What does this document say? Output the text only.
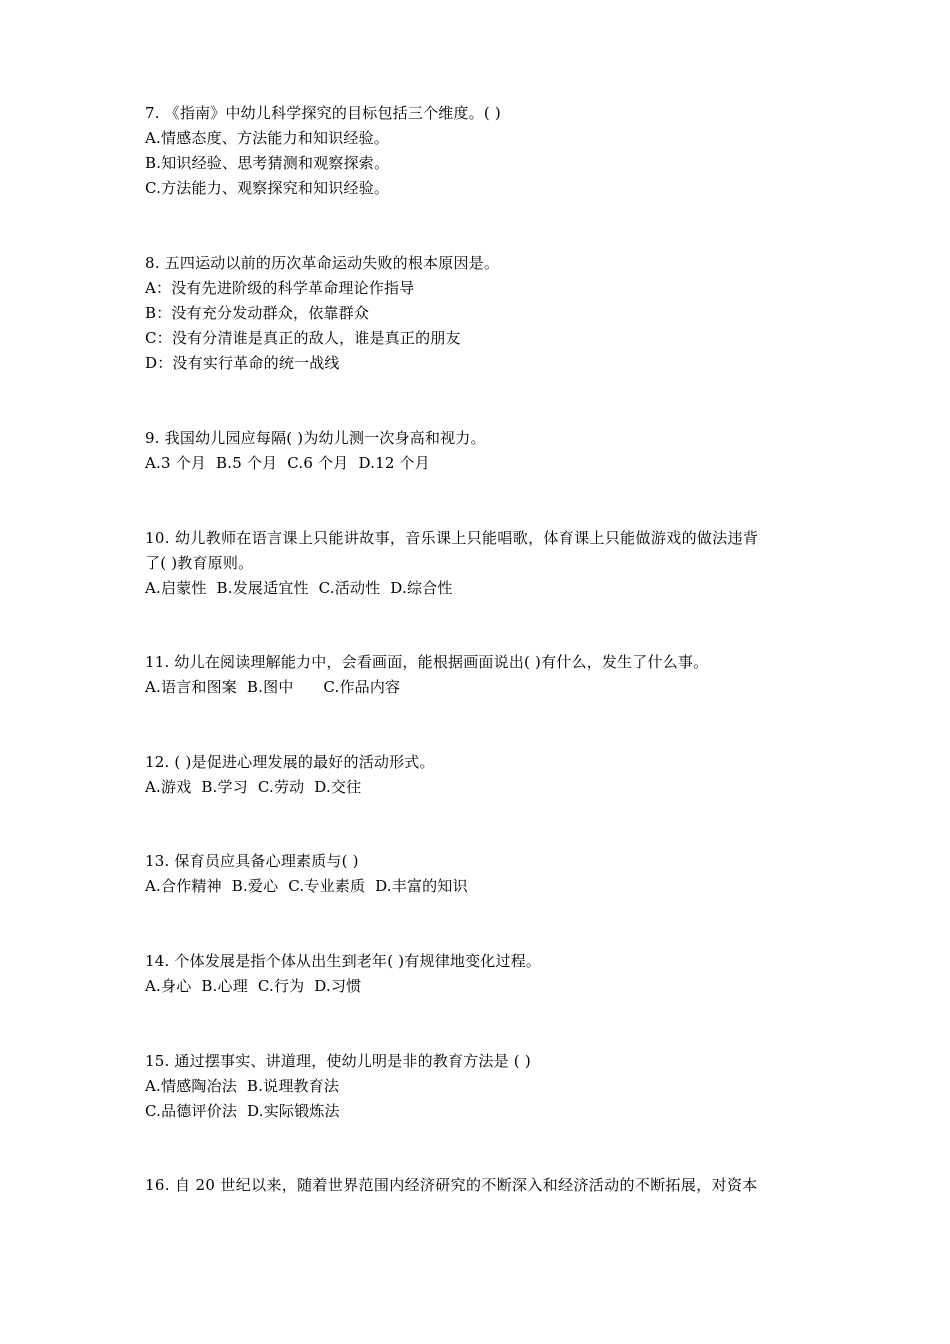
7. 《指南》中幼儿科学探究的目标包括三个维度。( )
A.情感态度、方法能力和知识经验。
B.知识经验、思考猜测和观察探索。
C.方法能力、观察探究和知识经验。
8. 五四运动以前的历次革命运动失败的根本原因是。
A：没有先进阶级的科学革命理论作指导
B：没有充分发动群众，依靠群众
C：没有分清谁是真正的敌人，谁是真正的朋友
D：没有实行革命的统一战线
9. 我国幼儿园应每隔( )为幼儿测一次身高和视力。
A.3 个月  B.5 个月  C.6 个月  D.12 个月
10. 幼儿教师在语言课上只能讲故事，音乐课上只能唱歌，体育课上只能做游戏的做法违背
了( )教育原则。
A.启蒙性  B.发展适宜性  C.活动性  D.综合性
11. 幼儿在阅读理解能力中，会看画面，能根据画面说出( )有什么，发生了什么事。
A.语言和图案  B.图中      C.作品内容
12. ( )是促进心理发展的最好的活动形式。
A.游戏  B.学习  C.劳动  D.交往
13. 保育员应具备心理素质与( )
A.合作精神  B.爱心  C.专业素质  D.丰富的知识
14. 个体发展是指个体从出生到老年( )有规律地变化过程。
A.身心  B.心理  C.行为  D.习惯
15. 通过摆事实、讲道理，使幼儿明是非的教育方法是 ( )
A.情感陶冶法  B.说理教育法
C.品德评价法  D.实际锻炼法
16. 自 20 世纪以来，随着世界范围内经济研究的不断深入和经济活动的不断拓展，对资本
